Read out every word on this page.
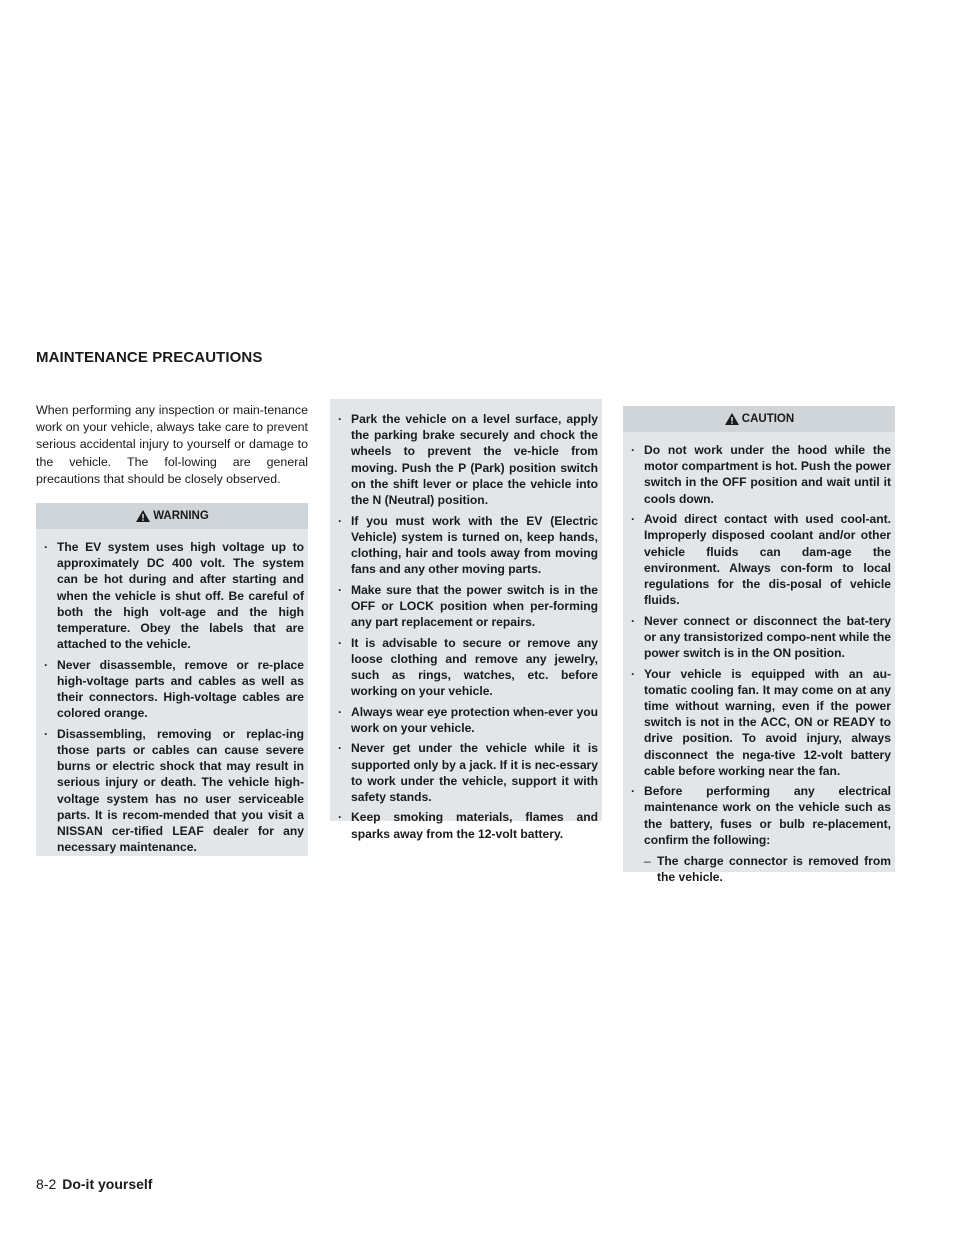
MAINTENANCE PRECAUTIONS

When performing any inspection or main-tenance work on your vehicle, always take care to prevent serious accidental injury to yourself or damage to the vehicle. The fol-lowing are general precautions that should be closely observed.

WARNING
· The EV system uses high voltage up to approximately DC 400 volt. The system can be hot during and after starting and when the vehicle is shut off. Be careful of both the high volt-age and the high temperature. Obey the labels that are attached to the vehicle.
· Never disassemble, remove or re-place high-voltage parts and cables as well as their connectors. High-voltage cables are colored orange.
· Disassembling, removing or replac-ing those parts or cables can cause severe burns or electric shock that may result in serious injury or death. The vehicle high-voltage system has no user serviceable parts. It is recom-mended that you visit a NISSAN cer-tified LEAF dealer for any necessary maintenance.
· Park the vehicle on a level surface, apply the parking brake securely and chock the wheels to prevent the ve-hicle from moving. Push the P (Park) position switch on the shift lever or place the vehicle into the N (Neutral) position.
· If you must work with the EV (Electric Vehicle) system is turned on, keep hands, clothing, hair and tools away from moving fans and any other moving parts.
· Make sure that the power switch is in the OFF or LOCK position when per-forming any part replacement or repairs.
· It is advisable to secure or remove any loose clothing and remove any jewelry, such as rings, watches, etc. before working on your vehicle.
· Always wear eye protection when-ever you work on your vehicle.
· Never get under the vehicle while it is supported only by a jack. If it is nec-essary to work under the vehicle, support it with safety stands.
· Keep smoking materials, flames and sparks away from the 12-volt battery.
CAUTION
· Do not work under the hood while the motor compartment is hot. Push the power switch in the OFF position and wait until it cools down.
· Avoid direct contact with used cool-ant. Improperly disposed coolant and/or other vehicle fluids can dam-age the environment. Always con-form to local regulations for the dis-posal of vehicle fluids.
· Never connect or disconnect the bat-tery or any transistorized compo-nent while the power switch is in the ON position.
· Your vehicle is equipped with an au-tomatic cooling fan. It may come on at any time without warning, even if the power switch is not in the ACC, ON or READY to drive position. To avoid injury, always disconnect the nega-tive 12-volt battery cable before working near the fan.
· Before performing any electrical maintenance work on the vehicle such as the battery, fuses or bulb re-placement, confirm the following:
– The charge connector is removed from the vehicle.
8-2 Do-it yourself
